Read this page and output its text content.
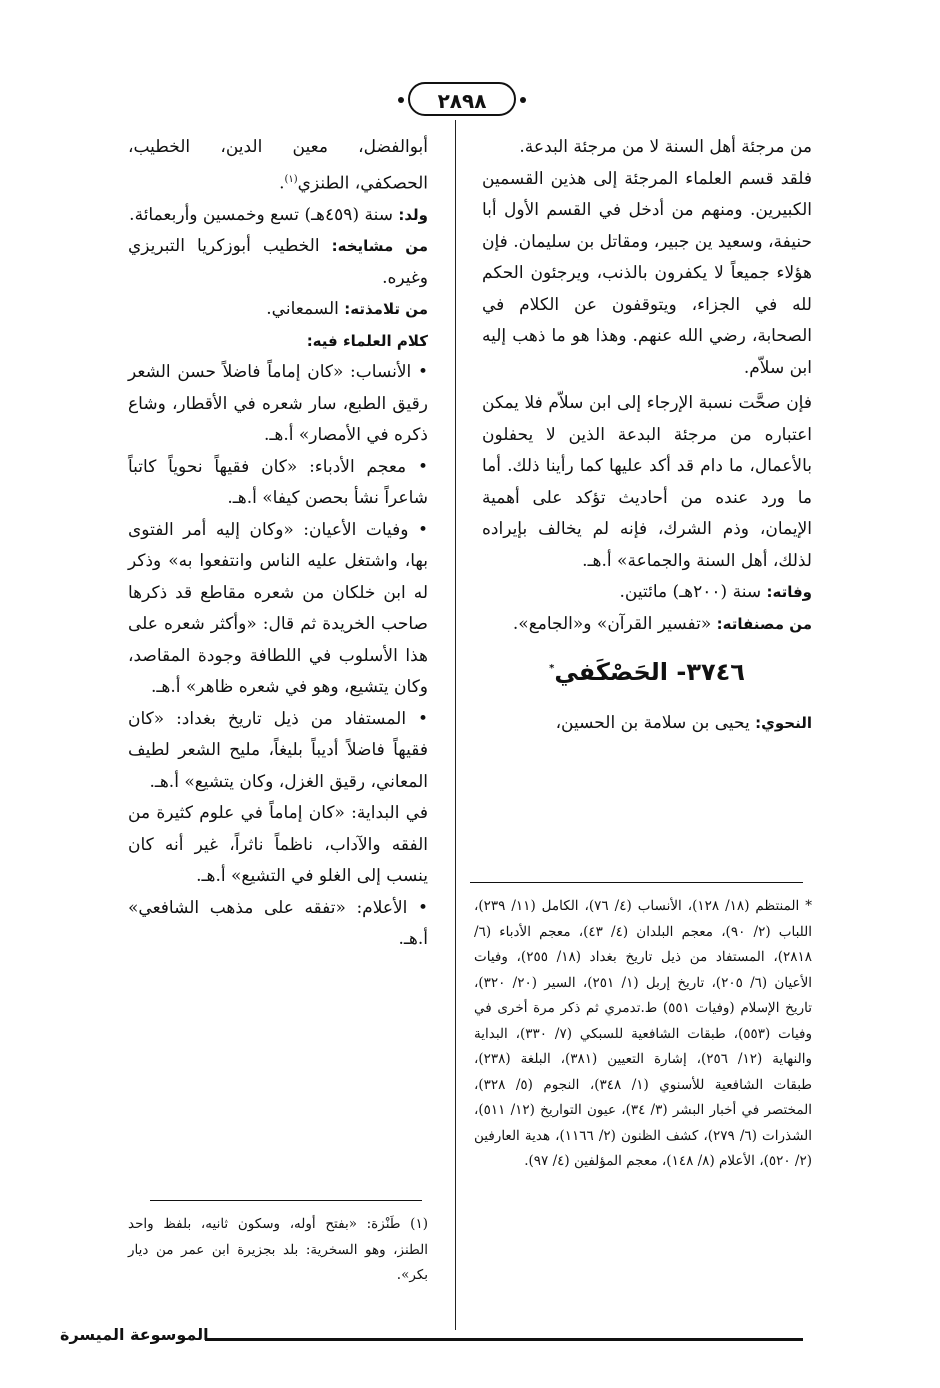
٢٨٩٨

من مرجئة أهل السنة لا من مرجئة البدعة.

فلقد قسم العلماء المرجئة إلى هذين القسمين الكبيرين. ومنهم من أدخل في القسم الأول أبا حنيفة، وسعيد ين جبير، ومقاتل بن سليمان. فإن هؤلاء جميعاً لا يكفرون بالذنب، ويرجئون الحكم لله في الجزاء، ويتوقفون عن الكلام في الصحابة، رضي الله عنهم. وهذا هو ما ذهب إليه ابن سلاّم.

فإن صحَّت نسبة الإرجاء إلى ابن سلاّم فلا يمكن اعتباره من مرجئة البدعة الذين لا يحفلون بالأعمال، ما دام قد أكد عليها كما رأينا ذلك. أما ما ورد عنده من أحاديث تؤكد على أهمية الإيمان، وذم الشرك، فإنه لم يخالف بإيراده لذلك، أهل السنة والجماعة» أ.هـ.

وفاته: سنة (٢٠٠هـ) مائتين.

من مصنفاته: «تفسير القرآن» و«الجامع».

٣٧٤٦- الحَصْكَفي*

النحوي: يحيى بن سلامة بن الحسين،

* المنتظم (١٨/ ١٢٨)، الأنساب (٤/ ٧٦)، الكامل (١١/ ٢٣٩)، اللباب (٢/ ٩٠)، معجم البلدان (٤/ ٤٣)، معجم الأدباء (٦/ ٢٨١٨)، المستفاد من ذيل تاريخ بغداد (١٨/ ٢٥٥)، وفيات الأعيان (٦/ ٢٠٥)، تاريخ إربل (١/ ٢٥١)، السير (٢٠/ ٣٢٠)، تاريخ الإسلام (وفيات ٥٥١) ط.تدمري ثم ذكر مرة أخرى في وفيات (٥٥٣)، طبقات الشافعية للسبكي (٧/ ٣٣٠)، البداية والنهاية (١٢/ ٢٥٦)، إشارة التعيين (٣٨١)، البلغة (٢٣٨)، طبقات الشافعية للأسنوي (١/ ٣٤٨)، النجوم (٥/ ٣٢٨)، المختصر في أخبار البشر (٣/ ٣٤)، عيون التواريخ (١٢/ ٥١١)، الشذرات (٦/ ٢٧٩)، كشف الظنون (٢/ ١١٦٦)، هدية العارفين (٢/ ٥٢٠)، الأعلام (٨/ ١٤٨)، معجم المؤلفين (٤/ ٩٧).

أبوالفضل، معين الدين، الخطيب، الحصكفي، الطنزي$^{(١)}$.

ولد: سنة (٤٥٩هـ) تسع وخمسين وأربعمائة.

من مشايخه: الخطيب أبوزكريا التبريزي وغيره.

من تلامذته: السمعاني.

كلام العلماء فيه:

• الأنساب: «كان إماماً فاضلاً حسن الشعر رقيق الطبع، سار شعره في الأقطار، وشاع ذكره في الأمصار» أ.هـ.

• معجم الأدباء: «كان فقيهاً نحوياً كاتباً شاعراً نشأ بحصن كيفا» أ.هـ.

• وفيات الأعيان: «وكان إليه أمر الفتوى بها، واشتغل عليه الناس وانتفعوا به» وذكر له ابن خلكان من شعره مقاطع قد ذكرها صاحب الخريدة ثم قال: «وأكثر شعره على هذا الأسلوب في اللطافة وجودة المقاصد، وكان يتشيع، وهو في شعره ظاهر» أ.هـ.

• المستفاد من ذيل تاريخ بغداد: «كان فقيهاً فاضلاً أديباً بليغاً، مليح الشعر لطيف المعاني، رقيق الغزل، وكان يتشيع» أ.هـ.

في البداية: «كان إماماً في علوم كثيرة من الفقه والآداب، ناظماً ناثراً، غير أنه كان ينسب إلى الغلو في التشيع» أ.هـ.

• الأعلام: «تفقه على مذهب الشافعي» أ.هـ.

(١) طَنْزة: «بفتح أوله، وسكون ثانيه، بلفظ واحد الطنز، وهو السخرية: بلد بجزيرة ابن عمر من ديار بكر».

الموسوعة الميسرة
